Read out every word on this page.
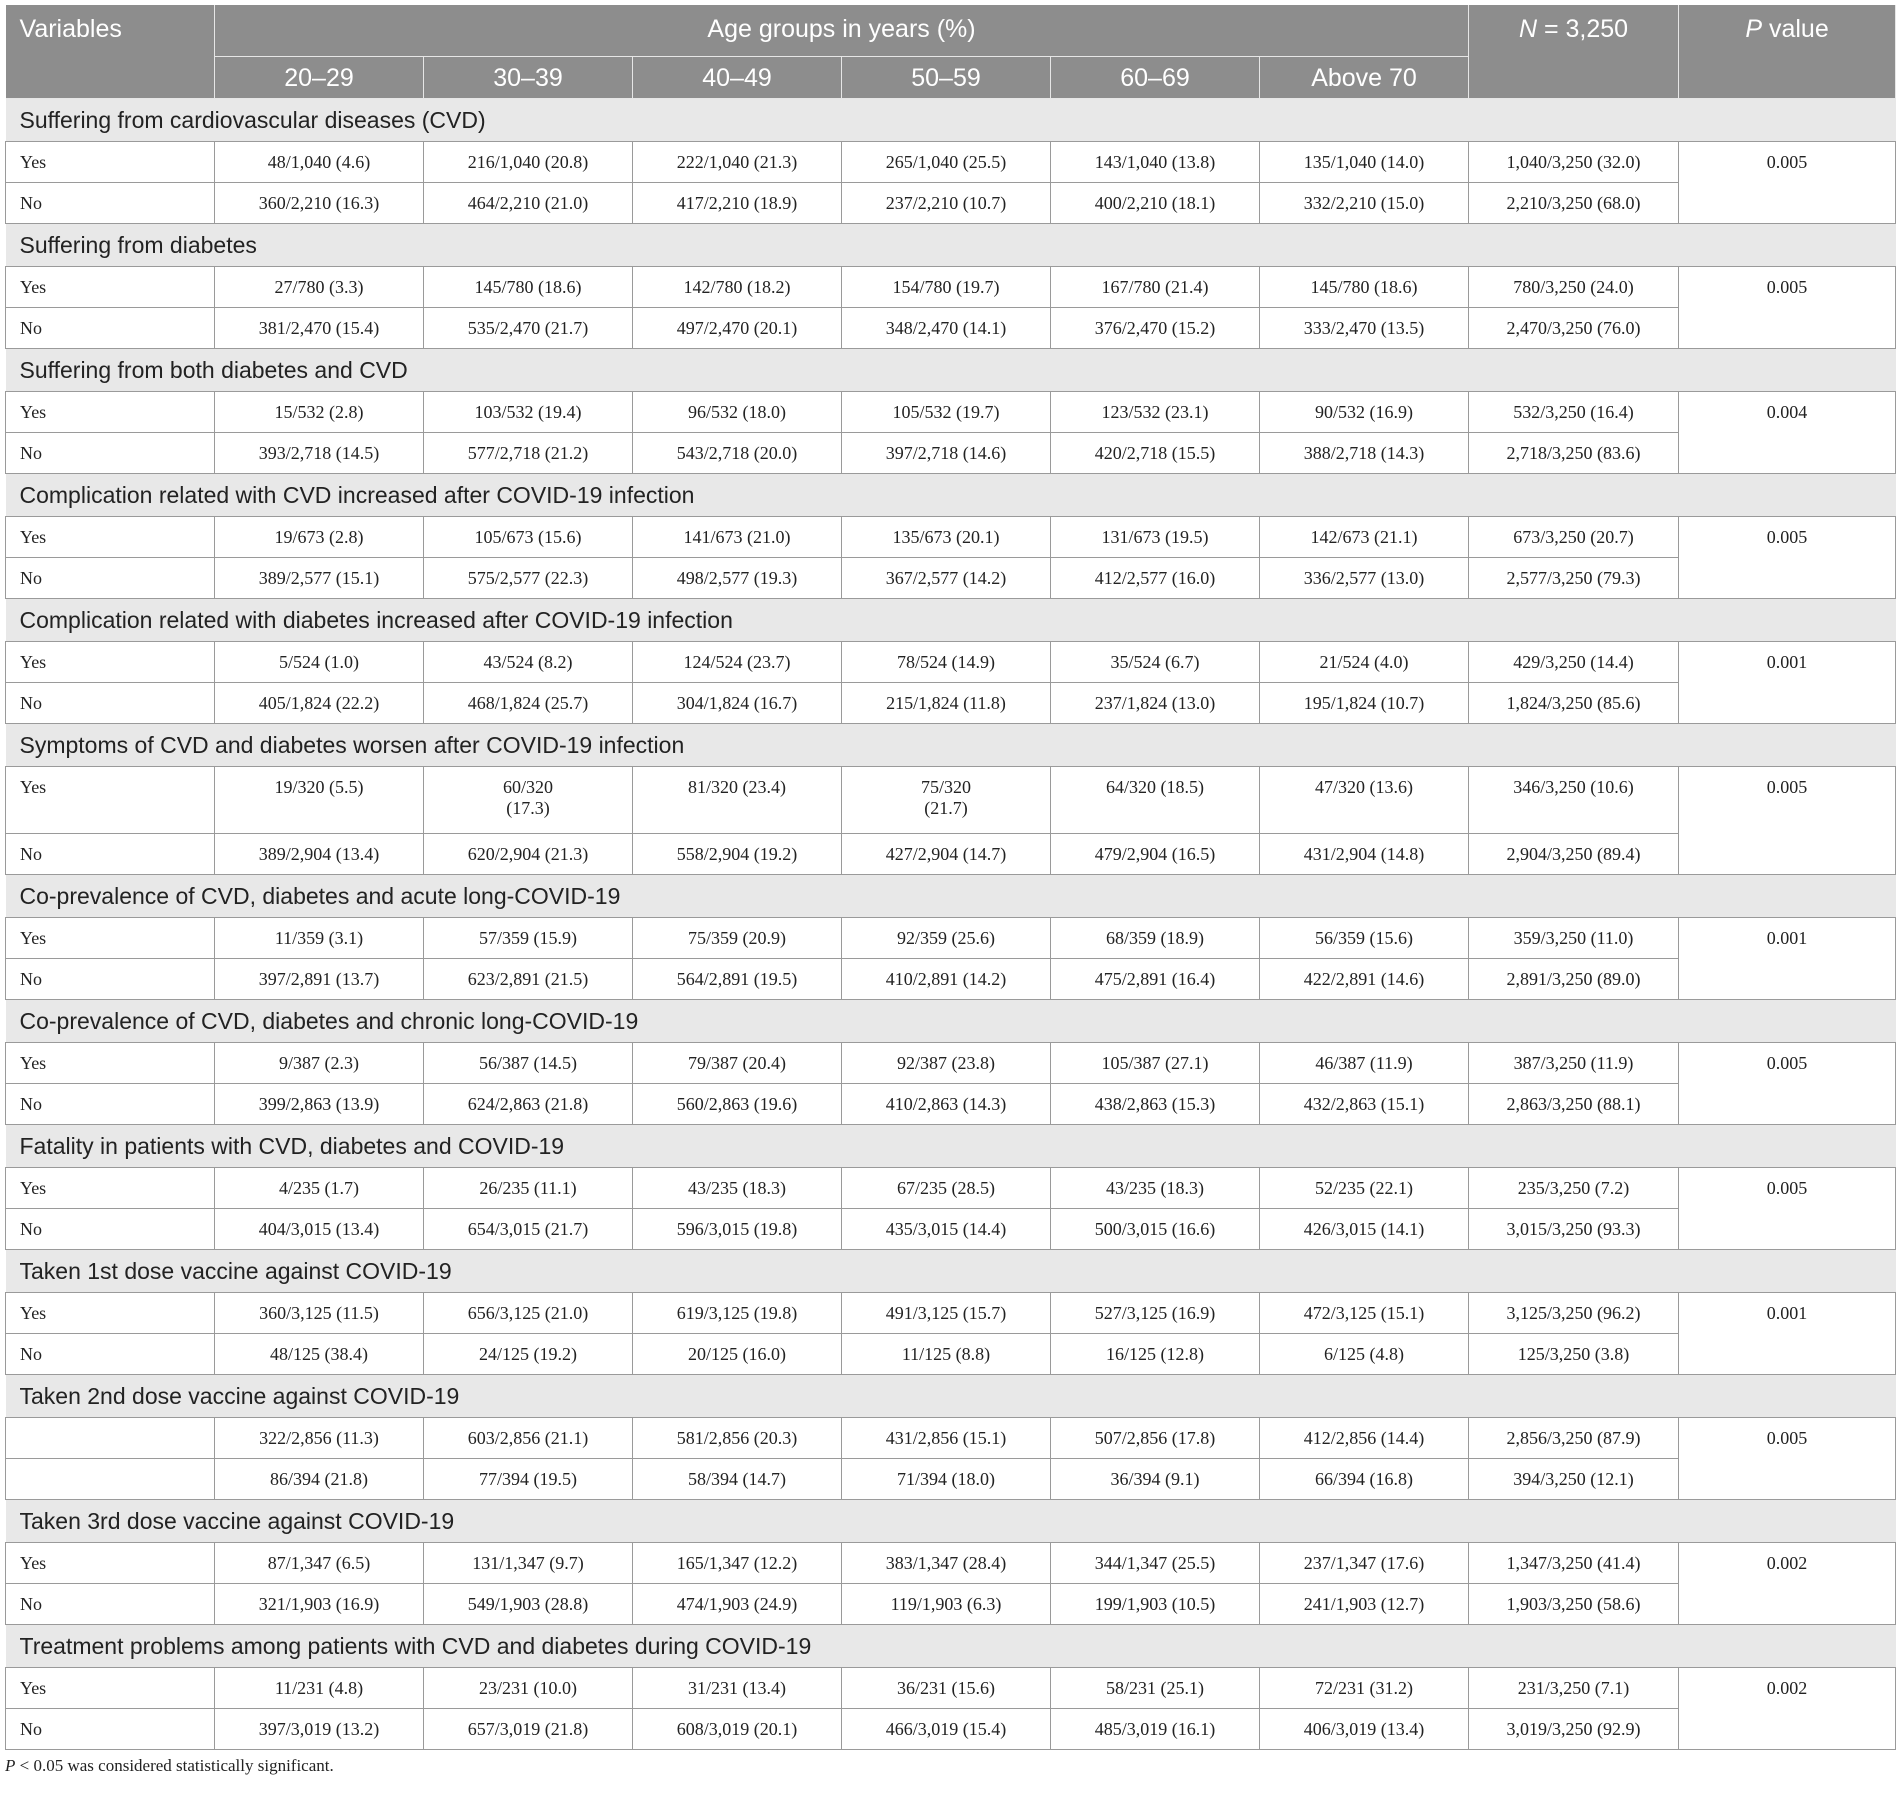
Variables	Age groups in years (%)						N = 3,250	P value
	20–29	30–39	40–49	50–59	60–69	Above 70		
Suffering from cardiovascular diseases (CVD)								
Yes	48/1,040 (4.6)	216/1,040 (20.8)	222/1,040 (21.3)	265/1,040 (25.5)	143/1,040 (13.8)	135/1,040 (14.0)	1,040/3,250 (32.0)	0.005
No	360/2,210 (16.3)	464/2,210 (21.0)	417/2,210 (18.9)	237/2,210 (10.7)	400/2,210 (18.1)	332/2,210 (15.0)	2,210/3,250 (68.0)	
Suffering from diabetes								
Yes	27/780 (3.3)	145/780 (18.6)	142/780 (18.2)	154/780 (19.7)	167/780 (21.4)	145/780 (18.6)	780/3,250 (24.0)	0.005
No	381/2,470 (15.4)	535/2,470 (21.7)	497/2,470 (20.1)	348/2,470 (14.1)	376/2,470 (15.2)	333/2,470 (13.5)	2,470/3,250 (76.0)	
Suffering from both diabetes and CVD								
Yes	15/532 (2.8)	103/532 (19.4)	96/532 (18.0)	105/532 (19.7)	123/532 (23.1)	90/532 (16.9)	532/3,250 (16.4)	0.004
No	393/2,718 (14.5)	577/2,718 (21.2)	543/2,718 (20.0)	397/2,718 (14.6)	420/2,718 (15.5)	388/2,718 (14.3)	2,718/3,250 (83.6)	
Complication related with CVD increased after COVID-19 infection								
Yes	19/673 (2.8)	105/673 (15.6)	141/673 (21.0)	135/673 (20.1)	131/673 (19.5)	142/673 (21.1)	673/3,250 (20.7)	0.005
No	389/2,577 (15.1)	575/2,577 (22.3)	498/2,577 (19.3)	367/2,577 (14.2)	412/2,577 (16.0)	336/2,577 (13.0)	2,577/3,250 (79.3)	
Complication related with diabetes increased after COVID-19 infection								
Yes	5/524 (1.0)	43/524 (8.2)	124/524 (23.7)	78/524 (14.9)	35/524 (6.7)	21/524 (4.0)	429/3,250 (14.4)	0.001
No	405/1,824 (22.2)	468/1,824 (25.7)	304/1,824 (16.7)	215/1,824 (11.8)	237/1,824 (13.0)	195/1,824 (10.7)	1,824/3,250 (85.6)	
Symptoms of CVD and diabetes worsen after COVID-19 infection								
Yes	19/320 (5.5)	60/320
(17.3)	81/320 (23.4)	75/320
(21.7)	64/320 (18.5)	47/320 (13.6)	346/3,250 (10.6)	0.005
No	389/2,904 (13.4)	620/2,904 (21.3)	558/2,904 (19.2)	427/2,904 (14.7)	479/2,904 (16.5)	431/2,904 (14.8)	2,904/3,250 (89.4)	
Co-prevalence of CVD, diabetes and acute long-COVID-19								
Yes	11/359 (3.1)	57/359 (15.9)	75/359 (20.9)	92/359 (25.6)	68/359 (18.9)	56/359 (15.6)	359/3,250 (11.0)	0.001
No	397/2,891 (13.7)	623/2,891 (21.5)	564/2,891 (19.5)	410/2,891 (14.2)	475/2,891 (16.4)	422/2,891 (14.6)	2,891/3,250 (89.0)	
Co-prevalence of CVD, diabetes and chronic long-COVID-19								
Yes	9/387 (2.3)	56/387 (14.5)	79/387 (20.4)	92/387 (23.8)	105/387 (27.1)	46/387 (11.9)	387/3,250 (11.9)	0.005
No	399/2,863 (13.9)	624/2,863 (21.8)	560/2,863 (19.6)	410/2,863 (14.3)	438/2,863 (15.3)	432/2,863 (15.1)	2,863/3,250 (88.1)	
Fatality in patients with CVD, diabetes and COVID-19								
Yes	4/235 (1.7)	26/235 (11.1)	43/235 (18.3)	67/235 (28.5)	43/235 (18.3)	52/235 (22.1)	235/3,250 (7.2)	0.005
No	404/3,015 (13.4)	654/3,015 (21.7)	596/3,015 (19.8)	435/3,015 (14.4)	500/3,015 (16.6)	426/3,015 (14.1)	3,015/3,250 (93.3)	
Taken 1st dose vaccine against COVID-19								
Yes	360/3,125 (11.5)	656/3,125 (21.0)	619/3,125 (19.8)	491/3,125 (15.7)	527/3,125 (16.9)	472/3,125 (15.1)	3,125/3,250 (96.2)	0.001
No	48/125 (38.4)	24/125 (19.2)	20/125 (16.0)	11/125 (8.8)	16/125 (12.8)	6/125 (4.8)	125/3,250 (3.8)	
Taken 2nd dose vaccine against COVID-19								
	322/2,856 (11.3)	603/2,856 (21.1)	581/2,856 (20.3)	431/2,856 (15.1)	507/2,856 (17.8)	412/2,856 (14.4)	2,856/3,250 (87.9)	0.005
	86/394 (21.8)	77/394 (19.5)	58/394 (14.7)	71/394 (18.0)	36/394 (9.1)	66/394 (16.8)	394/3,250 (12.1)	
Taken 3rd dose vaccine against COVID-19								
Yes	87/1,347 (6.5)	131/1,347 (9.7)	165/1,347 (12.2)	383/1,347 (28.4)	344/1,347 (25.5)	237/1,347 (17.6)	1,347/3,250 (41.4)	0.002
No	321/1,903 (16.9)	549/1,903 (28.8)	474/1,903 (24.9)	119/1,903 (6.3)	199/1,903 (10.5)	241/1,903 (12.7)	1,903/3,250 (58.6)	
Treatment problems among patients with CVD and diabetes during COVID-19								
Yes	11/231 (4.8)	23/231 (10.0)	31/231 (13.4)	36/231 (15.6)	58/231 (25.1)	72/231 (31.2)	231/3,250 (7.1)	0.002
No	397/3,019 (13.2)	657/3,019 (21.8)	608/3,019 (20.1)	466/3,019 (15.4)	485/3,019 (16.1)	406/3,019 (13.4)	3,019/3,250 (92.9)	
P < 0.05 was considered statistically significant.
